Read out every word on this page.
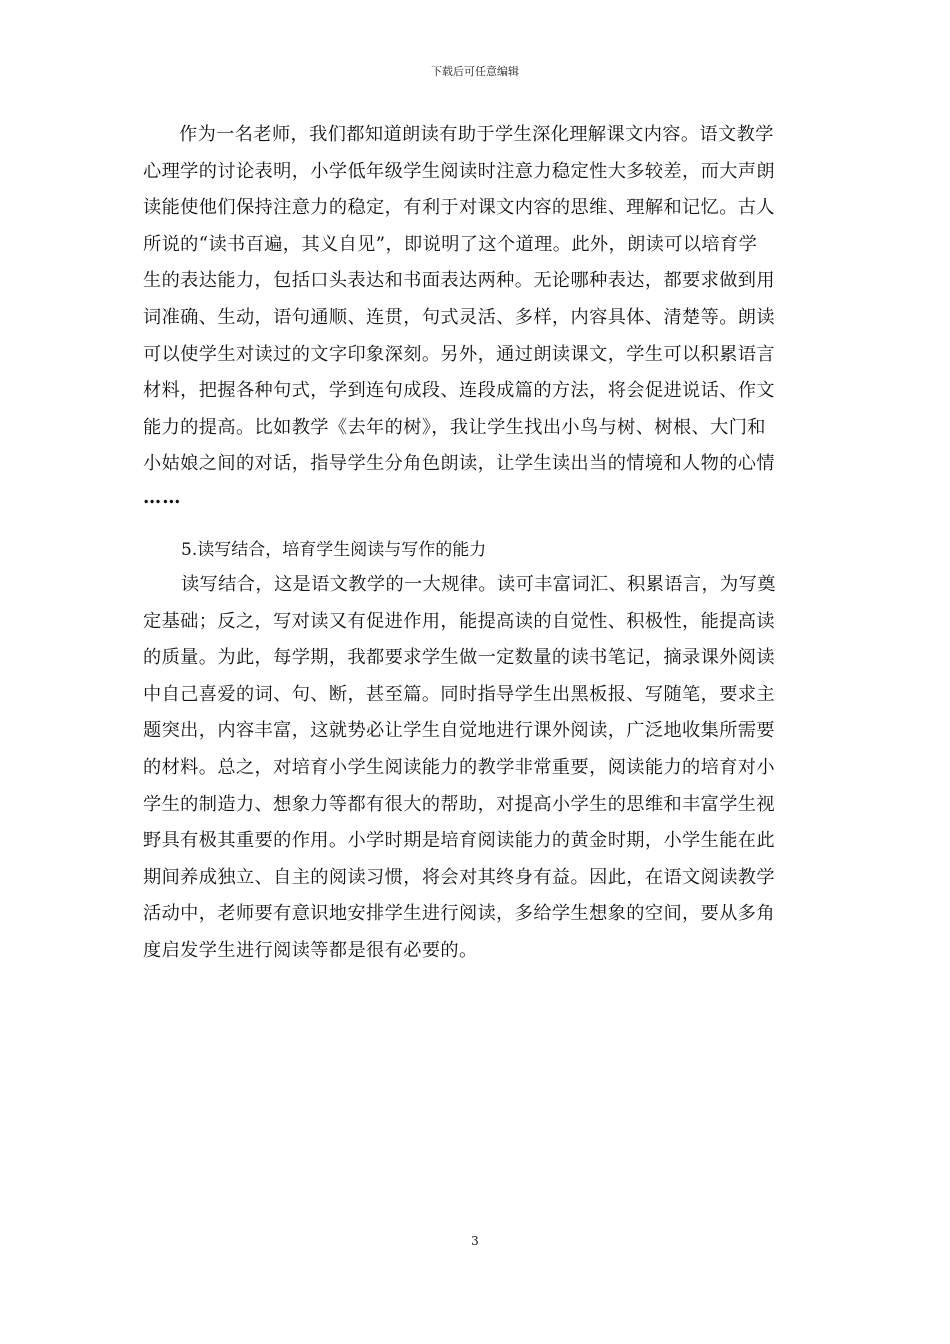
下载后可任意编辑

作为一名老师，我们都知道朗读有助于学生深化理解课文内容。语文教学
心理学的讨论表明，小学低年级学生阅读时注意力稳定性大多较差，而大声朗
读能使他们保持注意力的稳定，有利于对课文内容的思维、理解和记忆。古人
所说的“读书百遍，其义自见”，即说明了这个道理。此外，朗读可以培育学
生的表达能力，包括口头表达和书面表达两种。无论哪种表达，都要求做到用
词准确、生动，语句通顺、连贯，句式灵活、多样，内容具体、清楚等。朗读
可以使学生对读过的文字印象深刻。另外，通过朗读课文，学生可以积累语言
材料，把握各种句式，学到连句成段、连段成篇的方法，将会促进说话、作文
能力的提高。比如教学《去年的树》，我让学生找出小鸟与树、树根、大门和
小姑娘之间的对话，指导学生分角色朗读，让学生读出当的情境和人物的心情
……

5.读写结合，培育学生阅读与写作的能力

读写结合，这是语文教学的一大规律。读可丰富词汇、积累语言，为写奠
定基础；反之，写对读又有促进作用，能提高读的自觉性、积极性，能提高读
的质量。为此，每学期，我都要求学生做一定数量的读书笔记，摘录课外阅读
中自己喜爱的词、句、断，甚至篇。同时指导学生出黑板报、写随笔，要求主
题突出，内容丰富，这就势必让学生自觉地进行课外阅读，广泛地收集所需要
的材料。总之，对培育小学生阅读能力的教学非常重要，阅读能力的培育对小
学生的制造力、想象力等都有很大的帮助，对提高小学生的思维和丰富学生视
野具有极其重要的作用。小学时期是培育阅读能力的黄金时期，小学生能在此
期间养成独立、自主的阅读习惯，将会对其终身有益。因此，在语文阅读教学
活动中，老师要有意识地安排学生进行阅读，多给学生想象的空间，要从多角
度启发学生进行阅读等都是很有必要的。

3
